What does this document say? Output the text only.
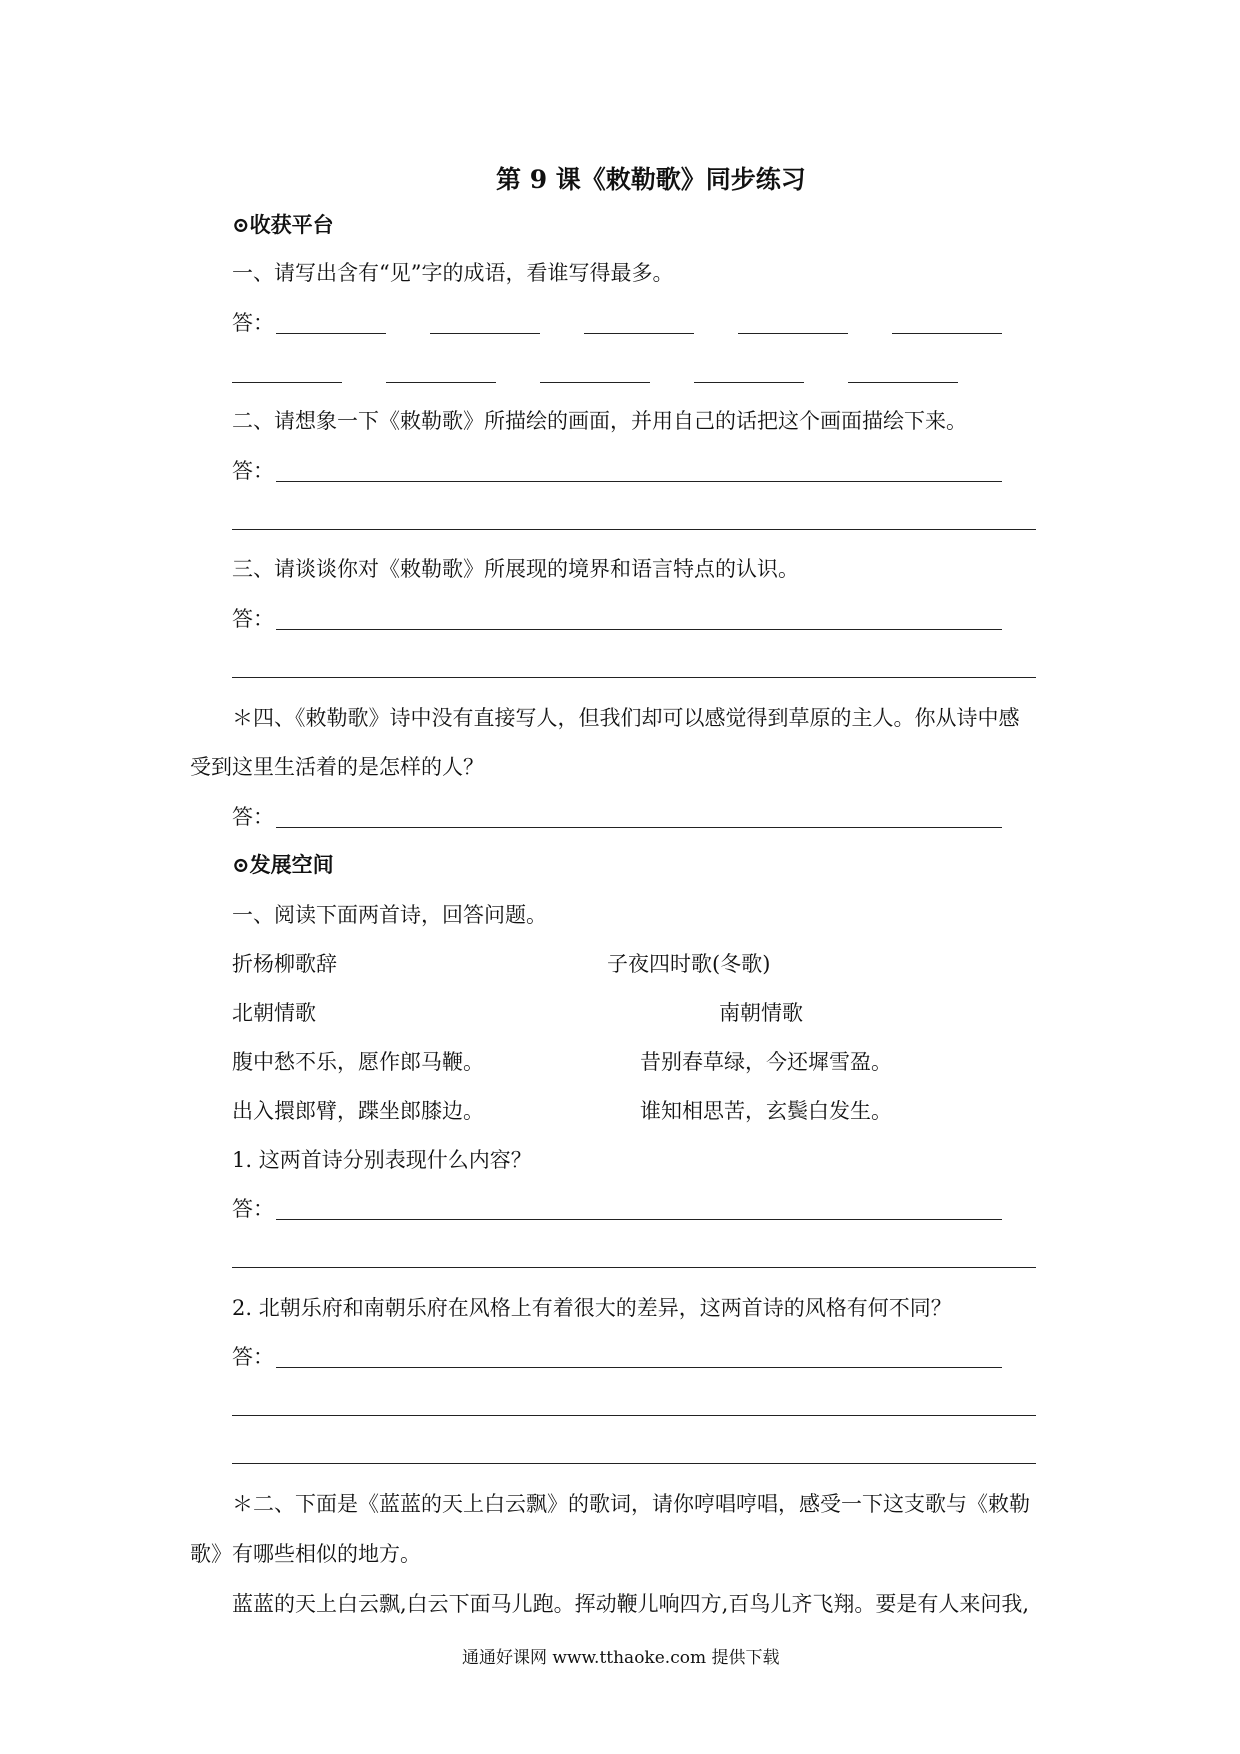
第 9 课《敕勒歌》同步练习
⊙收获平台
一、请写出含有“见”字的成语，看谁写得最多。
答：
二、请想象一下《敕勒歌》所描绘的画面，并用自己的话把这个画面描绘下来。
答：
三、请谈谈你对《敕勒歌》所展现的境界和语言特点的认识。
答：
＊四、《敕勒歌》诗中没有直接写人，但我们却可以感觉得到草原的主人。你从诗中感
受到这里生活着的是怎样的人？
答：
⊙发展空间
一、阅读下面两首诗，回答问题。
折杨柳歌辞	子夜四时歌(冬歌)
北朝情歌	南朝情歌
腹中愁不乐，愿作郎马鞭。	昔别春草绿，今还墀雪盈。
出入擐郎臂，蹀坐郎膝边。	谁知相思苦，玄鬓白发生。
1. 这两首诗分别表现什么内容？
答：
2. 北朝乐府和南朝乐府在风格上有着很大的差异，这两首诗的风格有何不同？
答：
＊二、下面是《蓝蓝的天上白云飘》的歌词，请你哼唱哼唱，感受一下这支歌与《敕勒
歌》有哪些相似的地方。
蓝蓝的天上白云飘,白云下面马儿跑。挥动鞭儿响四方,百鸟儿齐飞翔。要是有人来问我,
通通好课网 www.tthaoke.com 提供下载
